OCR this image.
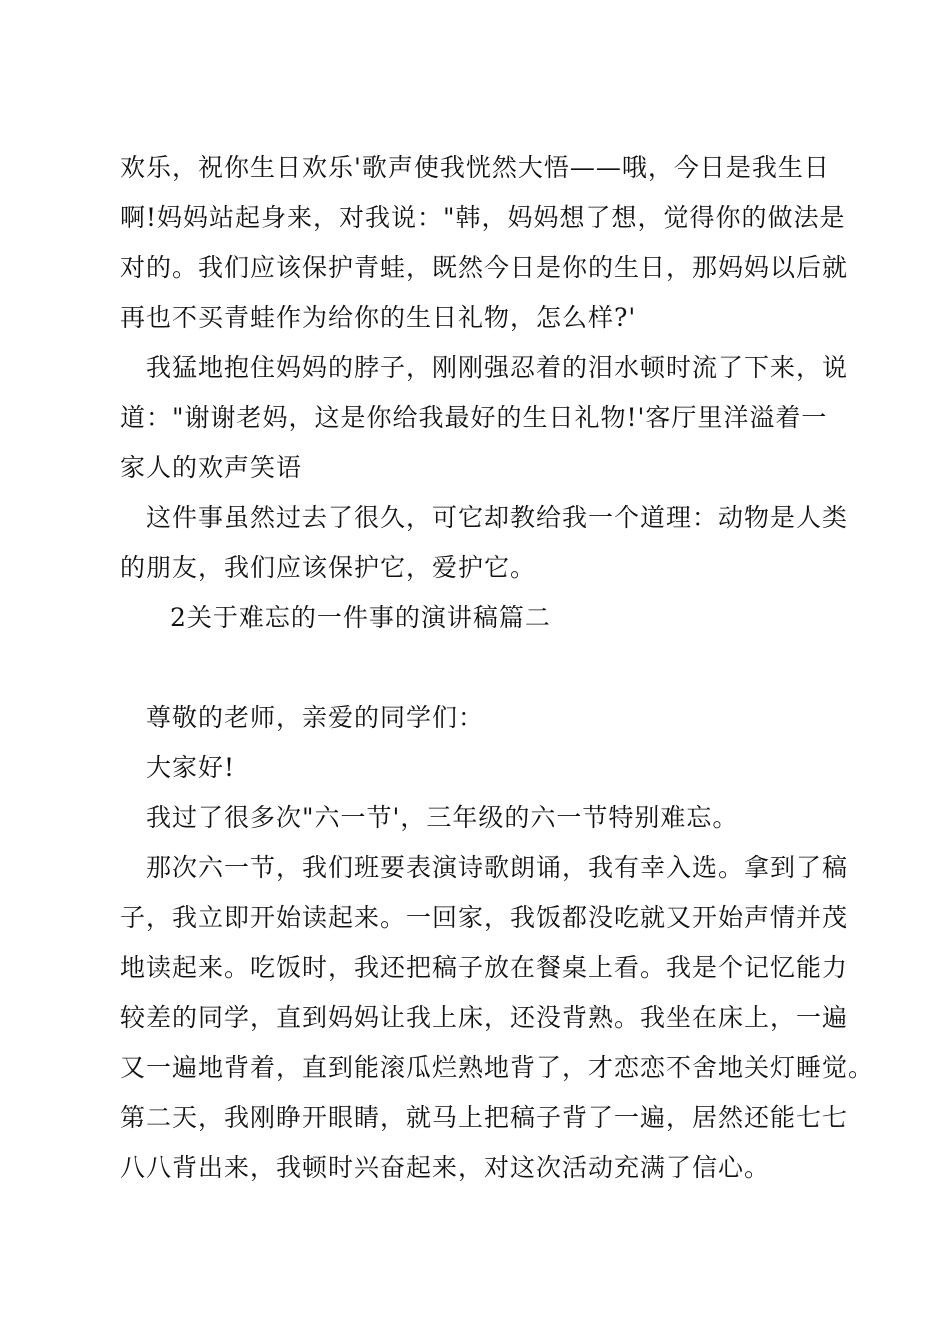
欢乐，祝你生日欢乐'歌声使我恍然大悟——哦，今日是我生日
啊!妈妈站起身来，对我说："韩，妈妈想了想，觉得你的做法是
对的。我们应该保护青蛙，既然今日是你的生日，那妈妈以后就
再也不买青蛙作为给你的生日礼物，怎么样?'
我猛地抱住妈妈的脖子，刚刚强忍着的泪水顿时流了下来，说
道："谢谢老妈，这是你给我最好的生日礼物!'客厅里洋溢着一
家人的欢声笑语
这件事虽然过去了很久，可它却教给我一个道理：动物是人类
的朋友，我们应该保护它，爱护它。
2关于难忘的一件事的演讲稿篇二
尊敬的老师，亲爱的同学们：
大家好!
我过了很多次"六一节'，三年级的六一节特别难忘。
那次六一节，我们班要表演诗歌朗诵，我有幸入选。拿到了稿
子，我立即开始读起来。一回家，我饭都没吃就又开始声情并茂
地读起来。吃饭时，我还把稿子放在餐桌上看。我是个记忆能力
较差的同学，直到妈妈让我上床，还没背熟。我坐在床上，一遍
又一遍地背着，直到能滚瓜烂熟地背了，才恋恋不舍地关灯睡觉。
第二天，我刚睁开眼睛，就马上把稿子背了一遍，居然还能七七
八八背出来，我顿时兴奋起来，对这次活动充满了信心。
